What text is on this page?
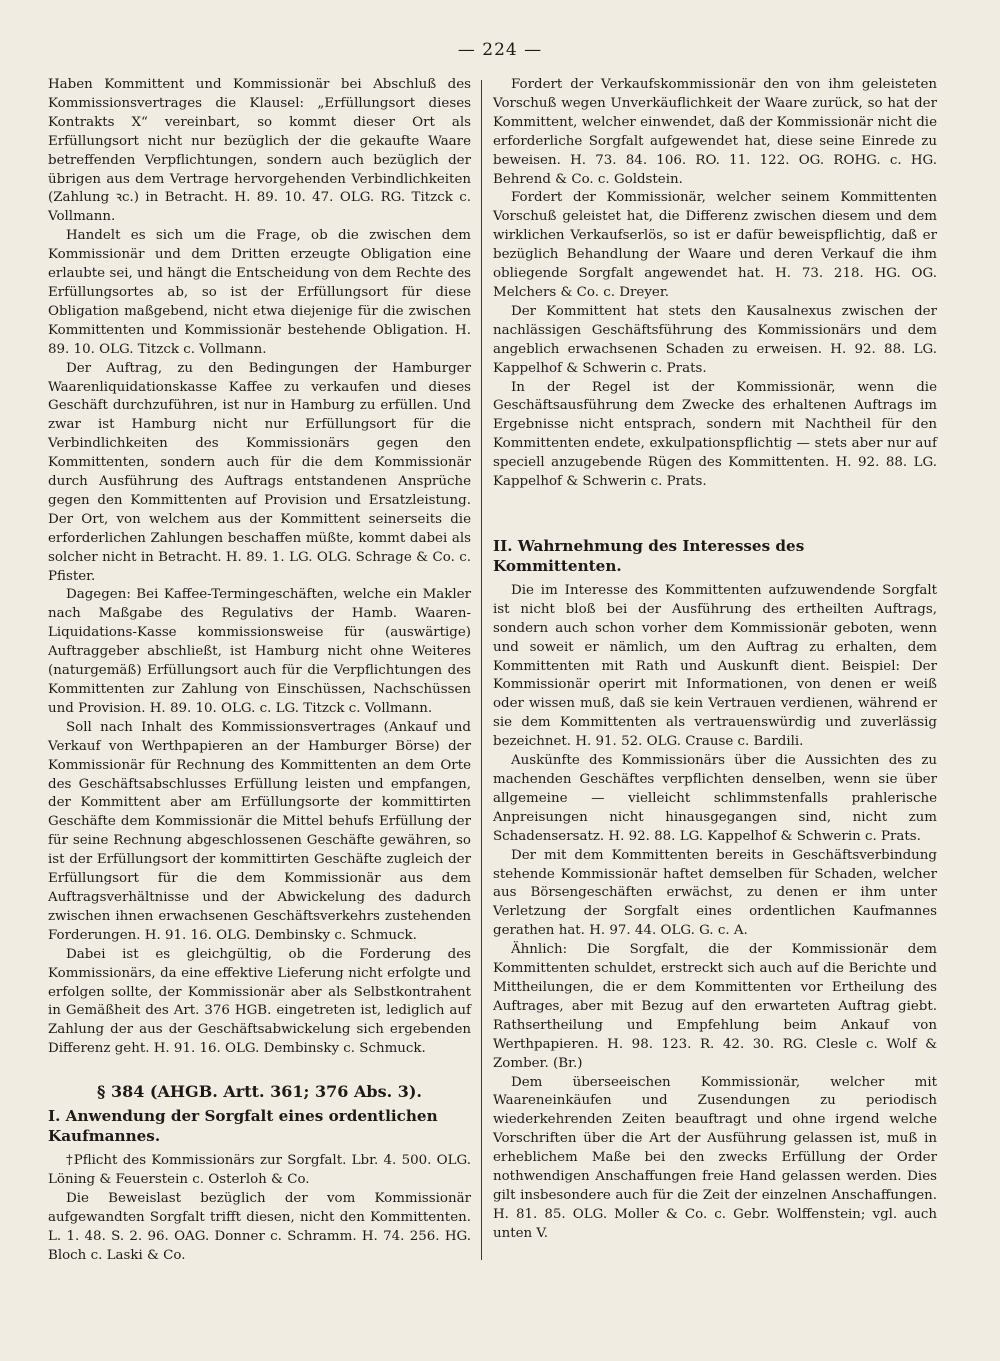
— 224 —

Haben Kommittent und Kommissionär bei Abschluß des Kommissionsvertrages die Klausel: „Erfüllungsort dieses Kontrakts X“ vereinbart, so kommt dieser Ort als Erfüllungsort nicht nur bezüglich der die gekaufte Waare betreffenden Verpflichtungen, sondern auch bezüglich der übrigen aus dem Vertrage hervorgehenden Verbindlichkeiten (Zahlung ꝛc.) in Betracht. H. 89. 10. 47. OLG. RG. Titzck c. Vollmann.

Handelt es sich um die Frage, ob die zwischen dem Kommissionär und dem Dritten erzeugte Obligation eine erlaubte sei, und hängt die Entscheidung von dem Rechte des Erfüllungsortes ab, so ist der Erfüllungsort für diese Obligation maßgebend, nicht etwa diejenige für die zwischen Kommittenten und Kommissionär bestehende Obligation. H. 89. 10. OLG. Titzck c. Vollmann.

Der Auftrag, zu den Bedingungen der Hamburger Waarenliquidationskasse Kaffee zu verkaufen und dieses Geschäft durchzuführen, ist nur in Hamburg zu erfüllen. Und zwar ist Hamburg nicht nur Erfüllungsort für die Verbindlichkeiten des Kommissionärs gegen den Kommittenten, sondern auch für die dem Kommissionär durch Ausführung des Auftrags entstandenen Ansprüche gegen den Kommittenten auf Provision und Ersatzleistung. Der Ort, von welchem aus der Kommittent seinerseits die erforderlichen Zahlungen beschaffen müßte, kommt dabei als solcher nicht in Betracht. H. 89. 1. LG. OLG. Schrage & Co. c. Pfister.

Dagegen: Bei Kaffee-Termingeschäften, welche ein Makler nach Maßgabe des Regulativs der Hamb. Waaren-Liquidations-Kasse kommissionsweise für (auswärtige) Auftraggeber abschließt, ist Hamburg nicht ohne Weiteres (naturgemäß) Erfüllungsort auch für die Verpflichtungen des Kommittenten zur Zahlung von Einschüssen, Nachschüssen und Provision. H. 89. 10. OLG. c. LG. Titzck c. Vollmann.

Soll nach Inhalt des Kommissionsvertrages (Ankauf und Verkauf von Werthpapieren an der Hamburger Börse) der Kommissionär für Rechnung des Kommittenten an dem Orte des Geschäftsabschlusses Erfüllung leisten und empfangen, der Kommittent aber am Erfüllungsorte der kommittirten Geschäfte dem Kommissionär die Mittel behufs Erfüllung der für seine Rechnung abgeschlossenen Geschäfte gewähren, so ist der Erfüllungsort der kommittirten Geschäfte zugleich der Erfüllungsort für die dem Kommissionär aus dem Auftragsverhältnisse und der Abwickelung des dadurch zwischen ihnen erwachsenen Geschäftsverkehrs zustehenden Forderungen. H. 91. 16. OLG. Dembinsky c. Schmuck.

Dabei ist es gleichgültig, ob die Forderung des Kommissionärs, da eine effektive Lieferung nicht erfolgte und erfolgen sollte, der Kommissionär aber als Selbstkontrahent in Gemäßheit des Art. 376 HGB. eingetreten ist, lediglich auf Zahlung der aus der Geschäftsabwickelung sich ergebenden Differenz geht. H. 91. 16. OLG. Dembinsky c. Schmuck.

§ 384 (AHGB. Artt. 361; 376 Abs. 3).
I. Anwendung der Sorgfalt eines ordentlichen Kaufmannes.

†Pflicht des Kommissionärs zur Sorgfalt. Lbr. 4. 500. OLG. Löning & Feuerstein c. Osterloh & Co.

Die Beweislast bezüglich der vom Kommissionär aufgewandten Sorgfalt trifft diesen, nicht den Kommittenten. L. 1. 48. S. 2. 96. OAG. Donner c. Schramm. H. 74. 256. HG. Bloch c. Laski & Co.

Fordert der Verkaufskommissionär den von ihm geleisteten Vorschuß wegen Unverkäuflichkeit der Waare zurück, so hat der Kommittent, welcher einwendet, daß der Kommissionär nicht die erforderliche Sorgfalt aufgewendet hat, diese seine Einrede zu beweisen. H. 73. 84. 106. RO. 11. 122. OG. ROHG. c. HG. Behrend & Co. c. Goldstein.

Fordert der Kommissionär, welcher seinem Kommittenten Vorschuß geleistet hat, die Differenz zwischen diesem und dem wirklichen Verkaufserlös, so ist er dafür beweispflichtig, daß er bezüglich Behandlung der Waare und deren Verkauf die ihm obliegende Sorgfalt angewendet hat. H. 73. 218. HG. OG. Melchers & Co. c. Dreyer.

Der Kommittent hat stets den Kausalnexus zwischen der nachlässigen Geschäftsführung des Kommissionärs und dem angeblich erwachsenen Schaden zu erweisen. H. 92. 88. LG. Kappelhof & Schwerin c. Prats.

In der Regel ist der Kommissionär, wenn die Geschäftsausführung dem Zwecke des erhaltenen Auftrags im Ergebnisse nicht entsprach, sondern mit Nachtheil für den Kommittenten endete, exkulpationspflichtig — stets aber nur auf speciell anzugebende Rügen des Kommittenten. H. 92. 88. LG. Kappelhof & Schwerin c. Prats.

II. Wahrnehmung des Interesses des Kommittenten.

Die im Interesse des Kommittenten aufzuwendende Sorgfalt ist nicht bloß bei der Ausführung des ertheilten Auftrags, sondern auch schon vorher dem Kommissionär geboten, wenn und soweit er nämlich, um den Auftrag zu erhalten, dem Kommittenten mit Rath und Auskunft dient. Beispiel: Der Kommissionär operirt mit Informationen, von denen er weiß oder wissen muß, daß sie kein Vertrauen verdienen, während er sie dem Kommittenten als vertrauenswürdig und zuverlässig bezeichnet. H. 91. 52. OLG. Crause c. Bardili.

Auskünfte des Kommissionärs über die Aussichten des zu machenden Geschäftes verpflichten denselben, wenn sie über allgemeine — vielleicht schlimmstenfalls prahlerische Anpreisungen nicht hinausgegangen sind, nicht zum Schadensersatz. H. 92. 88. LG. Kappelhof & Schwerin c. Prats.

Der mit dem Kommittenten bereits in Geschäftsverbindung stehende Kommissionär haftet demselben für Schaden, welcher aus Börsengeschäften erwächst, zu denen er ihm unter Verletzung der Sorgfalt eines ordentlichen Kaufmannes gerathen hat. H. 97. 44. OLG. G. c. A.

Ähnlich: Die Sorgfalt, die der Kommissionär dem Kommittenten schuldet, erstreckt sich auch auf die Berichte und Mittheilungen, die er dem Kommittenten vor Ertheilung des Auftrages, aber mit Bezug auf den erwarteten Auftrag giebt. Rathsertheilung und Empfehlung beim Ankauf von Werthpapieren. H. 98. 123. R. 42. 30. RG. Clesle c. Wolf & Zomber. (Br.)

Dem überseeischen Kommissionär, welcher mit Waareneinkäufen und Zusendungen zu periodisch wiederkehrenden Zeiten beauftragt und ohne irgend welche Vorschriften über die Art der Ausführung gelassen ist, muß in erheblichem Maße bei den zwecks Erfüllung der Order nothwendigen Anschaffungen freie Hand gelassen werden. Dies gilt insbesondere auch für die Zeit der einzelnen Anschaffungen. H. 81. 85. OLG. Moller & Co. c. Gebr. Wolffenstein; vgl. auch unten V.
